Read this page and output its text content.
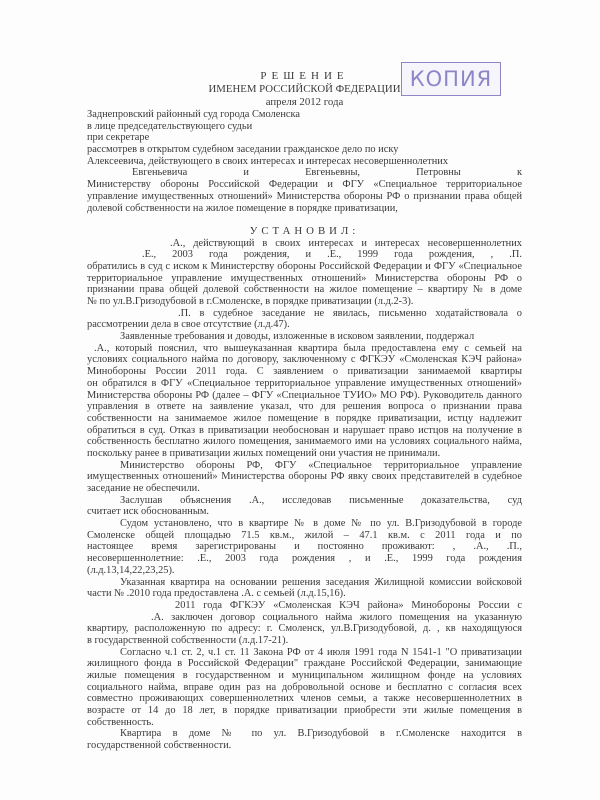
КОПИЯ
РЕШЕНИЕ
ИМЕНЕМ РОССИЙСКОЙ ФЕДЕРАЦИИ
апреля 2012 года
Заднепровский районный суд города Смоленска
в лице председательствующего судьи
при секретаре
рассмотрев в открытом судебном заседании гражданское дело по иску
Алексеевича, действующего в своих интересах и интересах несовершеннолетних
Евгеньевича и Евгеньевны, Петровны к
Министерству обороны Российской Федерации и ФГУ «Специальное территориальное
управление имущественных отношений» Министерства обороны РФ о признании права общей
долевой собственности на жилое помещение в порядке приватизации,
УСТАНОВИЛ:
.А., действующий в своих интересах и интересах несовершеннолетних
.Е., 2003 года рождения, и .Е., 1999 года рождения, , .П.
обратились в суд с иском к Министерству обороны Российской Федерации и ФГУ «Специальное
территориальное управление имущественных отношений» Министерства обороны РФ о
признании права общей долевой собственности на жилое помещение – квартиру № в доме
№ по ул.В.Гризодубовой в г.Смоленске, в порядке приватизации (л.д.2-3).
.П. в судебное заседание не явилась, письменно ходатайствовала о
рассмотрении дела в свое отсутствие (л.д.47).
Заявленные требования и доводы, изложенные в исковом заявлении, поддержал
.А., который пояснил, что вышеуказанная квартира была предоставлена ему с семьей на
условиях социального найма по договору, заключенному с ФГКЭУ «Смоленская КЭЧ района»
Минобороны России 2011 года. С заявлением о приватизации занимаемой квартиры
он обратился в ФГУ «Специальное территориальное управление имущественных отношений»
Министерства обороны РФ (далее – ФГУ «Специальное ТУИО» МО РФ). Руководитель данного
управления в ответе на заявление указал, что для решения вопроса о признании права
собственности на занимаемое жилое помещение в порядке приватизации, истцу надлежит
обратиться в суд. Отказ в приватизации необоснован и нарушает право истцов на получение в
собственность бесплатно жилого помещения, занимаемого ими на условиях социального найма,
поскольку ранее в приватизации жилых помещений они участия не принимали.
Министерство обороны РФ, ФГУ «Специальное территориальное управление
имущественных отношений» Министерства обороны РФ явку своих представителей в судебное
заседание не обеспечили.
Заслушав объяснения .А., исследовав письменные доказательства, суд
считает иск обоснованным.
Судом установлено, что в квартире № в доме № по ул. В.Гризодубовой в городе
Смоленске общей площадью 71.5 кв.м., жилой – 47.1 кв.м. с 2011 года и по
настоящее время зарегистрированы и постоянно проживают: , .А., .П.,
несовершеннолетние: .Е., 2003 года рождения , и .Е., 1999 года рождения
(л.д.13,14,22,23,25).
Указанная квартира на основании решения заседания Жилищной комиссии войсковой
части № .2010 года предоставлена .А. с семьей (л.д.15,16).
2011 года ФГКЭУ «Смоленская КЭЧ района» Минобороны России с
.А. заключен договор социального найма жилого помещения на указанную
квартиру, расположенную по адресу: г. Смоленск, ул.В.Гризодубовой, д. , кв находящуюся
в государственной собственности (л.д.17-21).
Согласно ч.1 ст. 2, ч.1 ст. 11 Закона РФ от 4 июля 1991 года N 1541-1 "О приватизации
жилищного фонда в Российской Федерации" граждане Российской Федерации, занимающие
жилые помещения в государственном и муниципальном жилищном фонде на условиях
социального найма, вправе один раз на добровольной основе и бесплатно с согласия всех
совместно проживающих совершеннолетних членов семьи, а также несовершеннолетних в
возрасте от 14 до 18 лет, в порядке приватизации приобрести эти жилые помещения в
собственность.
Квартира в доме № по ул. В.Гризодубовой в г.Смоленске находится в
государственной собственности.
